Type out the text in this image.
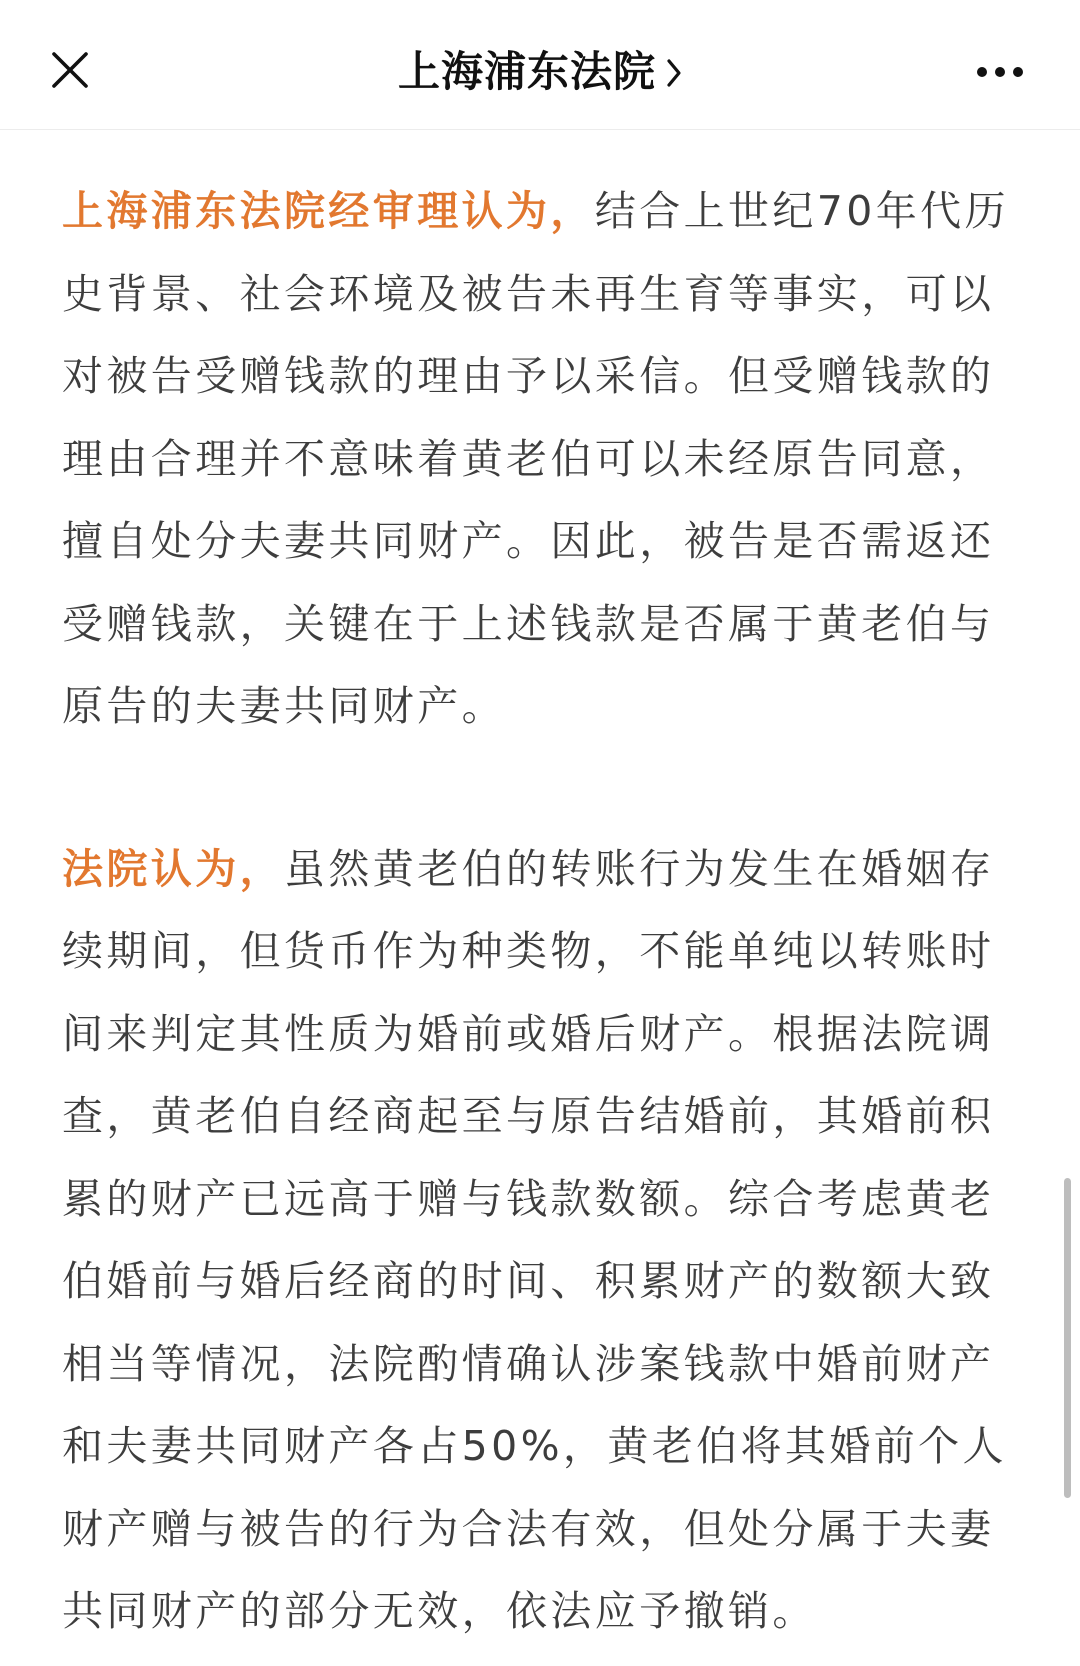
上海浦东法院

上海浦东法院经审理认为，结合上世纪70年代历史背景、社会环境及被告未再生育等事实，可以对被告受赠钱款的理由予以采信。但受赠钱款的理由合理并不意味着黄老伯可以未经原告同意，擅自处分夫妻共同财产。因此，被告是否需返还受赠钱款，关键在于上述钱款是否属于黄老伯与原告的夫妻共同财产。

法院认为，虽然黄老伯的转账行为发生在婚姻存续期间，但货币作为种类物，不能单纯以转账时间来判定其性质为婚前或婚后财产。根据法院调查，黄老伯自经商起至与原告结婚前，其婚前积累的财产已远高于赠与钱款数额。综合考虑黄老伯婚前与婚后经商的时间、积累财产的数额大致相当等情况，法院酌情确认涉案钱款中婚前财产和夫妻共同财产各占50%，黄老伯将其婚前个人财产赠与被告的行为合法有效，但处分属于夫妻共同财产的部分无效，依法应予撤销。
